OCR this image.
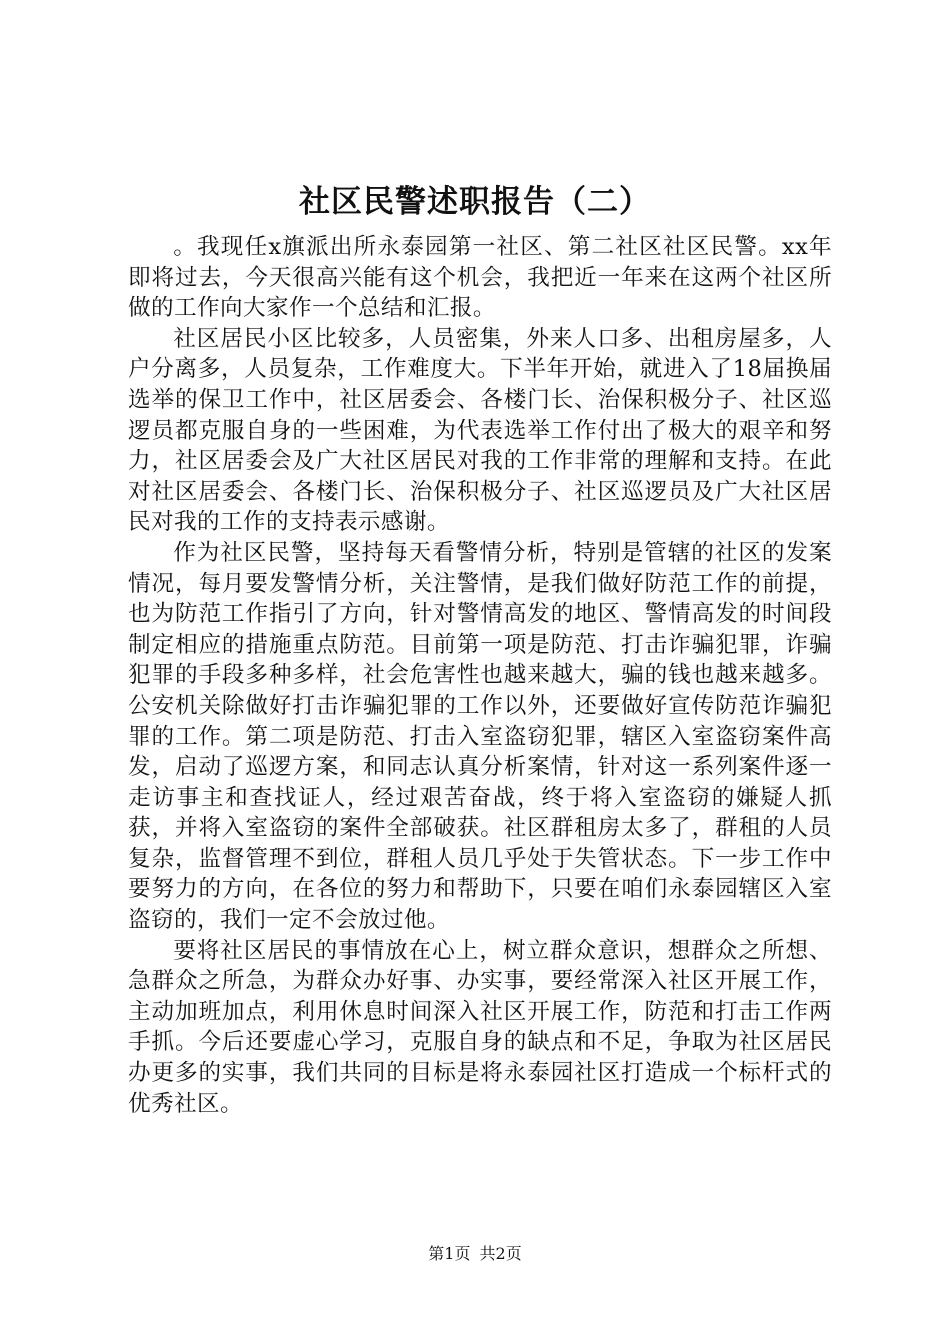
社区民警述职报告（二）

。我现任x旗派出所永泰园第一社区、第二社区社区民警。xx年即将过去，今天很高兴能有这个机会，我把近一年来在这两个社区所做的工作向大家作一个总结和汇报。

社区居民小区比较多，人员密集，外来人口多、出租房屋多，人户分离多，人员复杂，工作难度大。下半年开始，就进入了18届换届选举的保卫工作中，社区居委会、各楼门长、治保积极分子、社区巡逻员都克服自身的一些困难，为代表选举工作付出了极大的艰辛和努力，社区居委会及广大社区居民对我的工作非常的理解和支持。在此对社区居委会、各楼门长、治保积极分子、社区巡逻员及广大社区居民对我的工作的支持表示感谢。

作为社区民警，坚持每天看警情分析，特别是管辖的社区的发案情况，每月要发警情分析，关注警情，是我们做好防范工作的前提，也为防范工作指引了方向，针对警情高发的地区、警情高发的时间段制定相应的措施重点防范。目前第一项是防范、打击诈骗犯罪，诈骗犯罪的手段多种多样，社会危害性也越来越大，骗的钱也越来越多。公安机关除做好打击诈骗犯罪的工作以外，还要做好宣传防范诈骗犯罪的工作。第二项是防范、打击入室盗窃犯罪，辖区入室盗窃案件高发，启动了巡逻方案，和同志认真分析案情，针对这一系列案件逐一走访事主和查找证人，经过艰苦奋战，终于将入室盗窃的嫌疑人抓获，并将入室盗窃的案件全部破获。社区群租房太多了，群租的人员复杂，监督管理不到位，群租人员几乎处于失管状态。下一步工作中要努力的方向，在各位的努力和帮助下，只要在咱们永泰园辖区入室盗窃的，我们一定不会放过他。

要将社区居民的事情放在心上，树立群众意识，想群众之所想、急群众之所急，为群众办好事、办实事，要经常深入社区开展工作，主动加班加点，利用休息时间深入社区开展工作，防范和打击工作两手抓。今后还要虚心学习，克服自身的缺点和不足，争取为社区居民办更多的实事，我们共同的目标是将永泰园社区打造成一个标杆式的优秀社区。

第1页 共2页
